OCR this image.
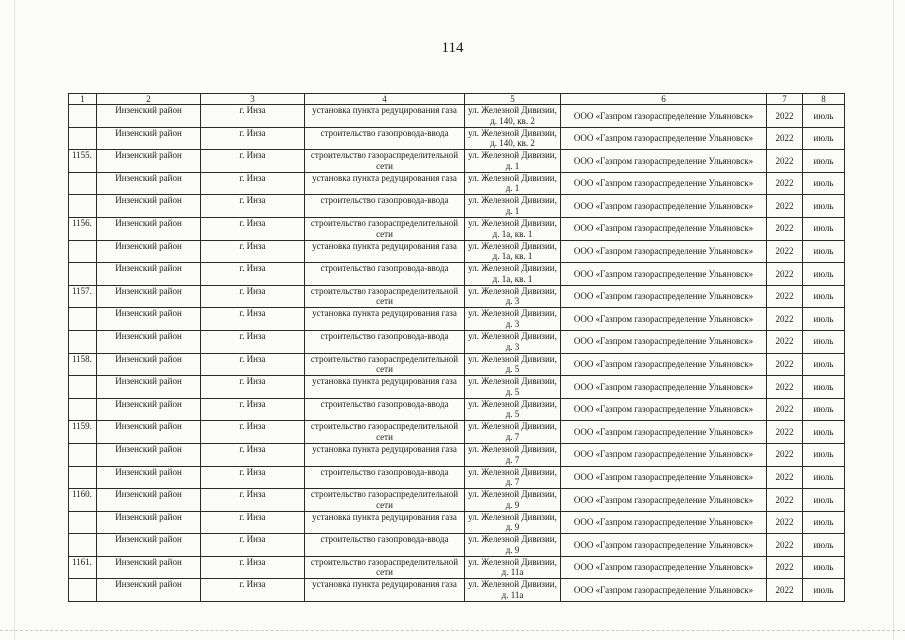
114
1	2	3	4	5	6	7	8
	Инзенский район	г. Инза	установка пункта редуцирования газа	ул. Железной Дивизии, д. 140, кв. 2	ООО «Газпром газораспределение Ульяновск»	2022	июль
	Инзенский район	г. Инза	строительство газопровода-ввода	ул. Железной Дивизии, д. 140, кв. 2	ООО «Газпром газораспределение Ульяновск»	2022	июль
1155.	Инзенский район	г. Инза	строительство газораспределительной сети	ул. Железной Дивизии, д. 1	ООО «Газпром газораспределение Ульяновск»	2022	июль
	Инзенский район	г. Инза	установка пункта редуцирования газа	ул. Железной Дивизии, д. 1	ООО «Газпром газораспределение Ульяновск»	2022	июль
	Инзенский район	г. Инза	строительство газопровода-ввода	ул. Железной Дивизии, д. 1	ООО «Газпром газораспределение Ульяновск»	2022	июль
1156.	Инзенский район	г. Инза	строительство газораспределительной сети	ул. Железной Дивизии, д. 1а, кв. 1	ООО «Газпром газораспределение Ульяновск»	2022	июль
	Инзенский район	г. Инза	установка пункта редуцирования газа	ул. Железной Дивизии, д. 1а, кв. 1	ООО «Газпром газораспределение Ульяновск»	2022	июль
	Инзенский район	г. Инза	строительство газопровода-ввода	ул. Железной Дивизии, д. 1а, кв. 1	ООО «Газпром газораспределение Ульяновск»	2022	июль
1157.	Инзенский район	г. Инза	строительство газораспределительной сети	ул. Железной Дивизии, д. 3	ООО «Газпром газораспределение Ульяновск»	2022	июль
	Инзенский район	г. Инза	установка пункта редуцирования газа	ул. Железной Дивизии, д. 3	ООО «Газпром газораспределение Ульяновск»	2022	июль
	Инзенский район	г. Инза	строительство газопровода-ввода	ул. Железной Дивизии, д. 3	ООО «Газпром газораспределение Ульяновск»	2022	июль
1158.	Инзенский район	г. Инза	строительство газораспределительной сети	ул. Железной Дивизии, д. 5	ООО «Газпром газораспределение Ульяновск»	2022	июль
	Инзенский район	г. Инза	установка пункта редуцирования газа	ул. Железной Дивизии, д. 5	ООО «Газпром газораспределение Ульяновск»	2022	июль
	Инзенский район	г. Инза	строительство газопровода-ввода	ул. Железной Дивизии, д. 5	ООО «Газпром газораспределение Ульяновск»	2022	июль
1159.	Инзенский район	г. Инза	строительство газораспределительной сети	ул. Железной Дивизии, д. 7	ООО «Газпром газораспределение Ульяновск»	2022	июль
	Инзенский район	г. Инза	установка пункта редуцирования газа	ул. Железной Дивизии, д. 7	ООО «Газпром газораспределение Ульяновск»	2022	июль
	Инзенский район	г. Инза	строительство газопровода-ввода	ул. Железной Дивизии, д. 7	ООО «Газпром газораспределение Ульяновск»	2022	июль
1160.	Инзенский район	г. Инза	строительство газораспределительной сети	ул. Железной Дивизии, д. 9	ООО «Газпром газораспределение Ульяновск»	2022	июль
	Инзенский район	г. Инза	установка пункта редуцирования газа	ул. Железной Дивизии, д. 9	ООО «Газпром газораспределение Ульяновск»	2022	июль
	Инзенский район	г. Инза	строительство газопровода-ввода	ул. Железной Дивизии, д. 9	ООО «Газпром газораспределение Ульяновск»	2022	июль
1161.	Инзенский район	г. Инза	строительство газораспределительной сети	ул. Железной Дивизии, д. 11а	ООО «Газпром газораспределение Ульяновск»	2022	июль
	Инзенский район	г. Инза	установка пункта редуцирования газа	ул. Железной Дивизии, д. 11а	ООО «Газпром газораспределение Ульяновск»	2022	июль
